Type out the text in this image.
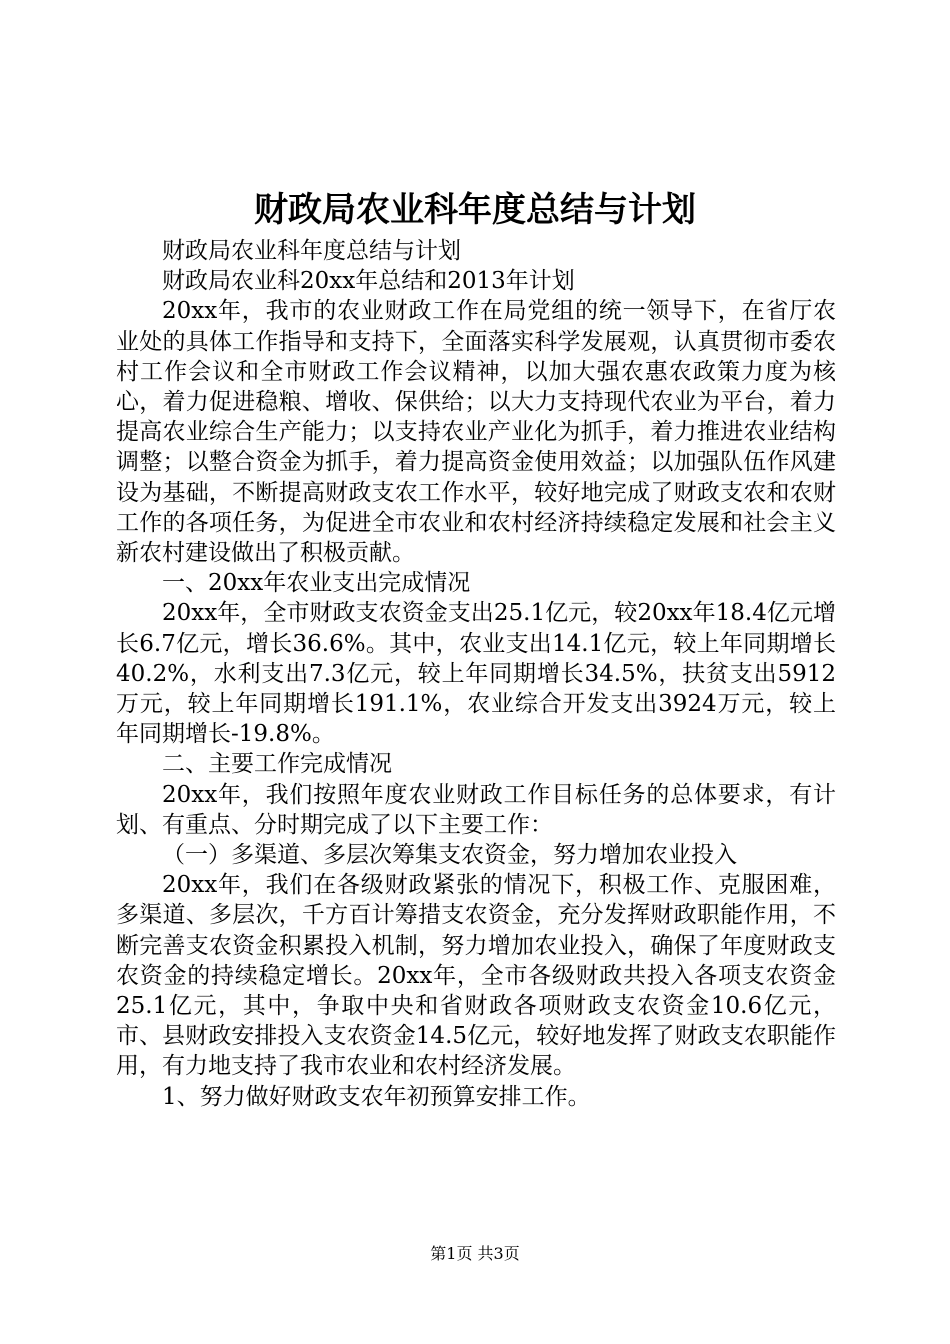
财政局农业科年度总结与计划

财政局农业科年度总结与计划

财政局农业科20xx年总结和2013年计划

20xx年，我市的农业财政工作在局党组的统一领导下，在省厅农业处的具体工作指导和支持下，全面落实科学发展观，认真贯彻市委农村工作会议和全市财政工作会议精神，以加大强农惠农政策力度为核心，着力促进稳粮、增收、保供给；以大力支持现代农业为平台，着力提高农业综合生产能力；以支持农业产业化为抓手，着力推进农业结构调整；以整合资金为抓手，着力提高资金使用效益；以加强队伍作风建设为基础，不断提高财政支农工作水平，较好地完成了财政支农和农财工作的各项任务，为促进全市农业和农村经济持续稳定发展和社会主义新农村建设做出了积极贡献。

一、20xx年农业支出完成情况

20xx年，全市财政支农资金支出25.1亿元，较20xx年18.4亿元增长6.7亿元，增长36.6%。其中，农业支出14.1亿元，较上年同期增长40.2%，水利支出7.3亿元，较上年同期增长34.5%，扶贫支出5912万元，较上年同期增长191.1%，农业综合开发支出3924万元，较上年同期增长-19.8%。

二、主要工作完成情况

20xx年，我们按照年度农业财政工作目标任务的总体要求，有计划、有重点、分时期完成了以下主要工作：

（一）多渠道、多层次筹集支农资金，努力增加农业投入

20xx年，我们在各级财政紧张的情况下，积极工作、克服困难，多渠道、多层次，千方百计筹措支农资金，充分发挥财政职能作用，不断完善支农资金积累投入机制，努力增加农业投入，确保了年度财政支农资金的持续稳定增长。20xx年，全市各级财政共投入各项支农资金25.1亿元，其中，争取中央和省财政各项财政支农资金10.6亿元，市、县财政安排投入支农资金14.5亿元，较好地发挥了财政支农职能作用，有力地支持了我市农业和农村经济发展。

1、努力做好财政支农年初预算安排工作。

第1页 共3页
